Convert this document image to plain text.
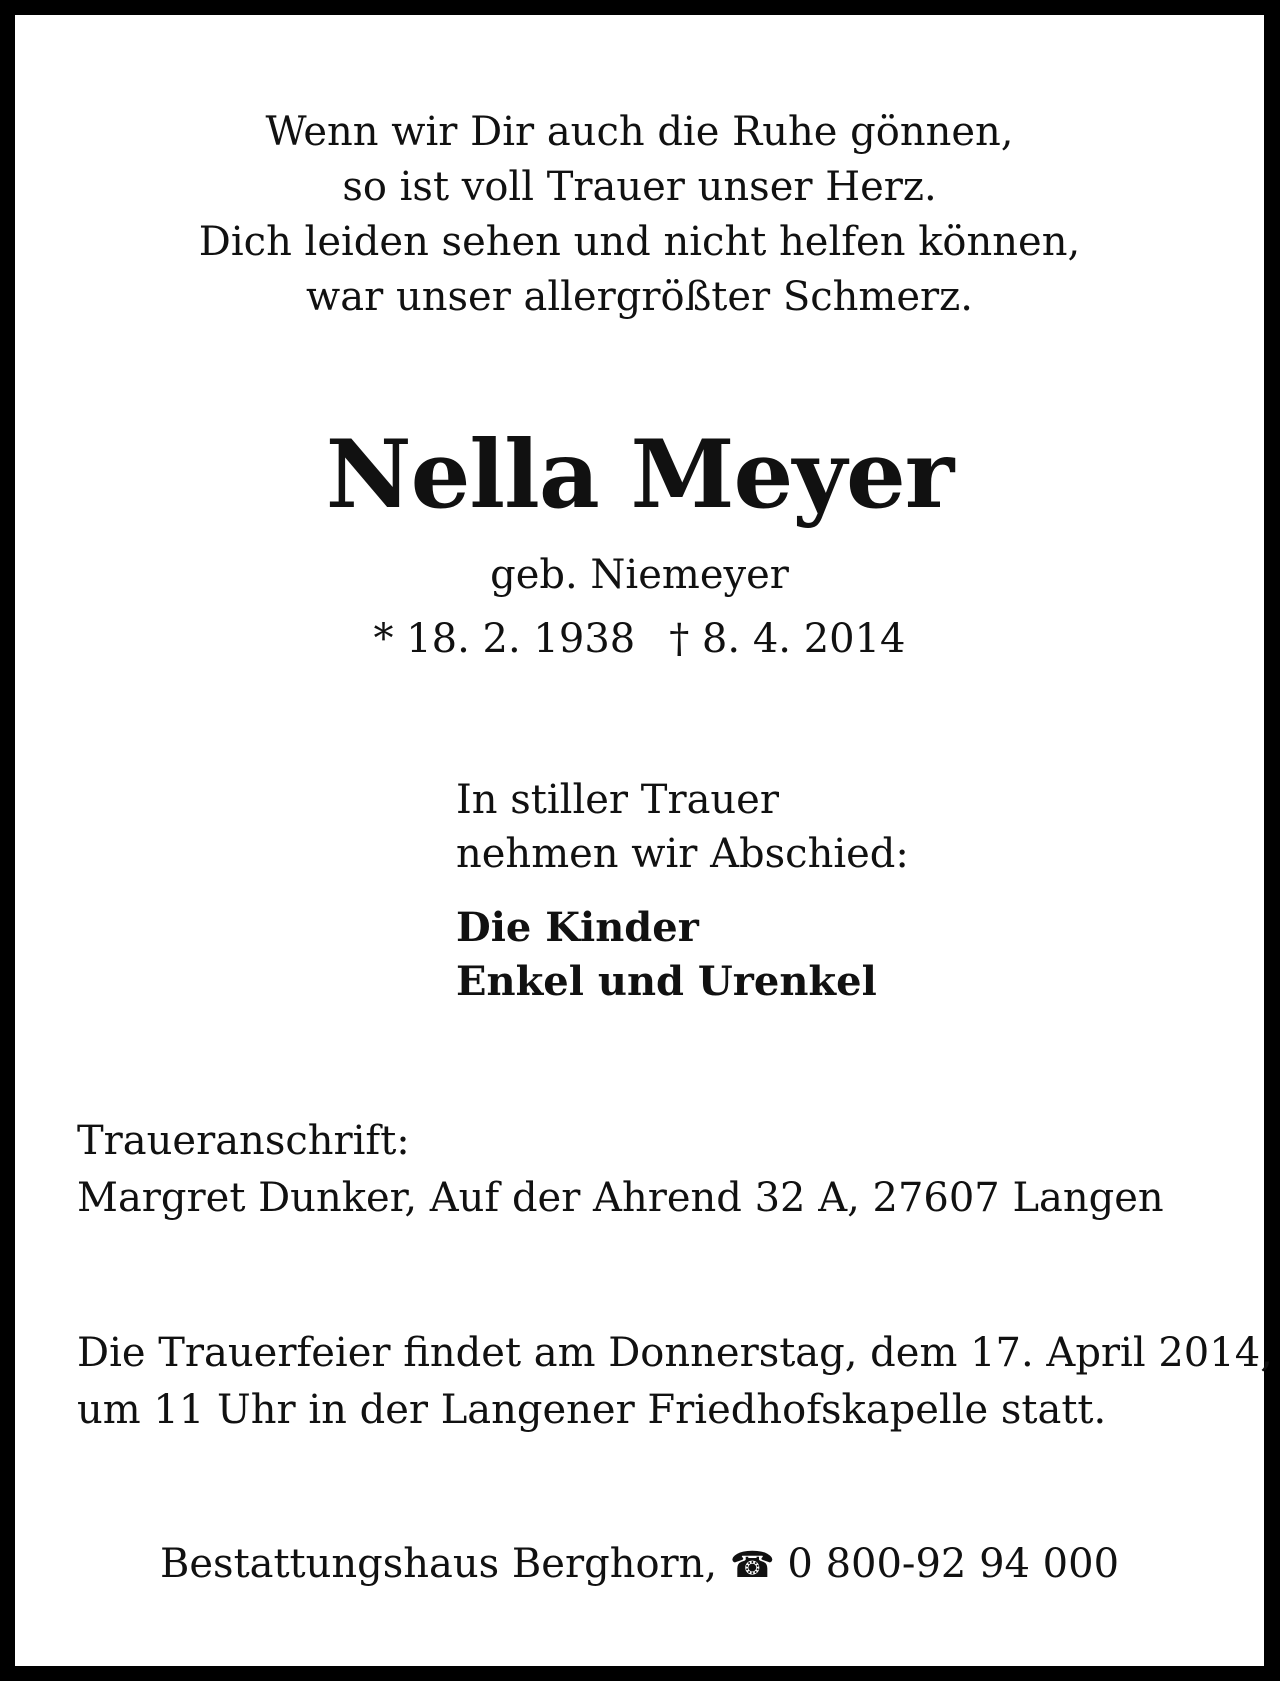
Wenn wir Dir auch die Ruhe gönnen,
so ist voll Trauer unser Herz.
Dich leiden sehen und nicht helfen können,
war unser allergrößter Schmerz.
Nella Meyer
geb. Niemeyer
* 18. 2. 1938 † 8. 4. 2014
In stiller Trauer
nehmen wir Abschied:
Die Kinder
Enkel und Urenkel
Traueranschrift:
Margret Dunker, Auf der Ahrend 32 A, 27607 Langen
Die Trauerfeier findet am Donnerstag, dem 17. April 2014,
um 11 Uhr in der Langener Friedhofskapelle statt.
Bestattungshaus Berghorn, ☎ 0 800-92 94 000
